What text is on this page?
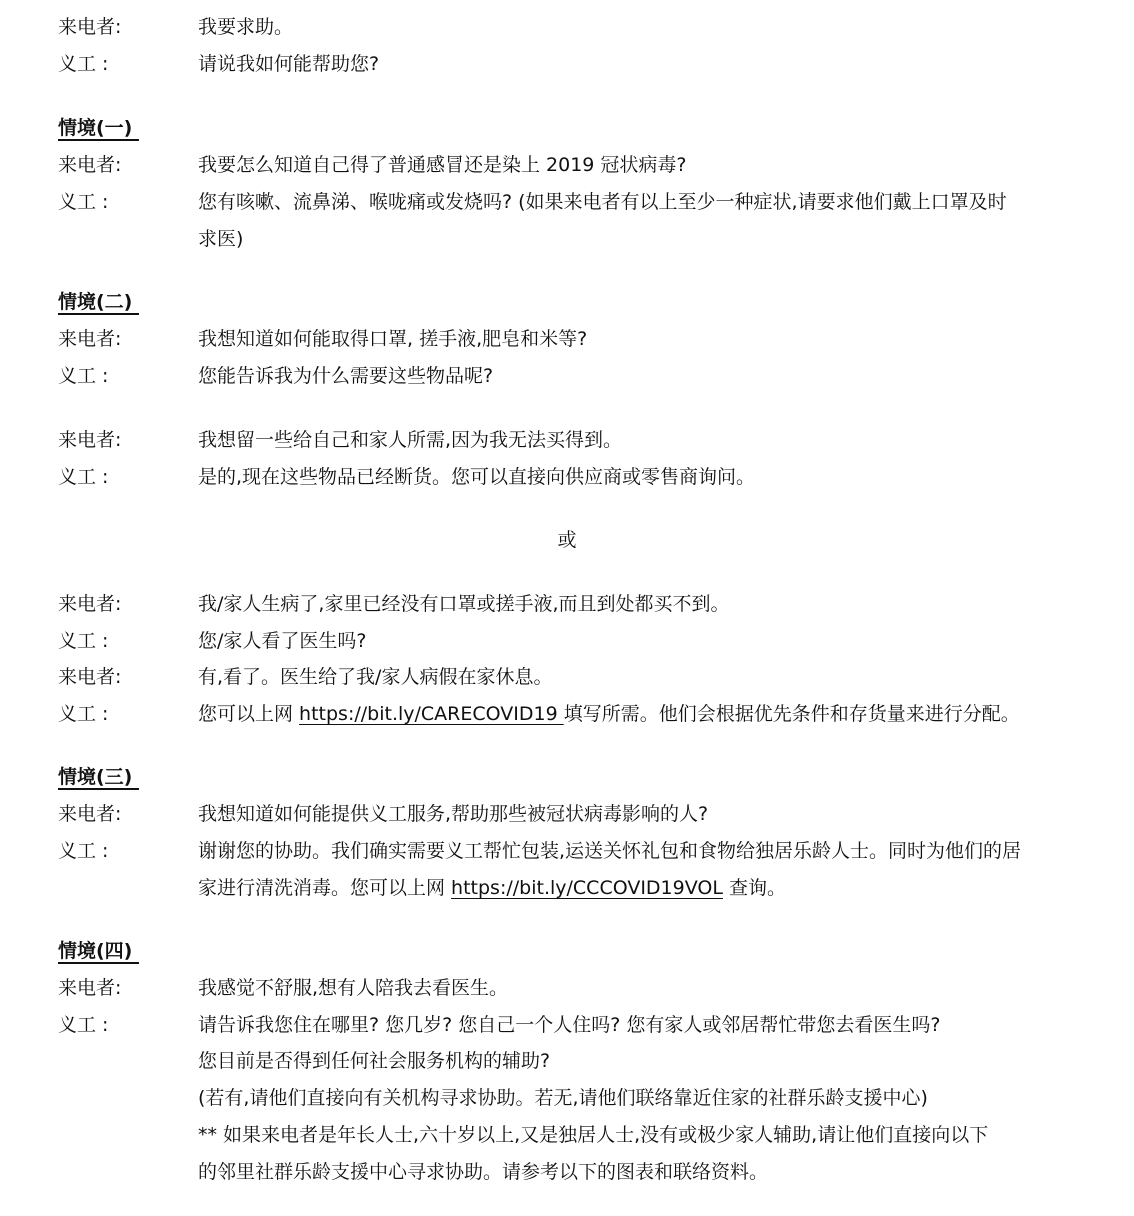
来电者:	我要求助。
义工 :	请说我如何能帮助您?
情境(一)
来电者:	我要怎么知道自己得了普通感冒还是染上 2019 冠状病毒?
义工 :	您有咳嗽、流鼻涕、喉咙痛或发烧吗? (如果来电者有以上至少一种症状,请要求他们戴上口罩及时
求医)
情境(二)
来电者:	我想知道如何能取得口罩, 搓手液,肥皂和米等?
义工 :	您能告诉我为什么需要这些物品呢?
来电者:	我想留一些给自己和家人所需,因为我无法买得到。
义工 :	是的,现在这些物品已经断货。您可以直接向供应商或零售商询问。
或
来电者:	我/家人生病了,家里已经没有口罩或搓手液,而且到处都买不到。
义工 :	您/家人看了医生吗?
来电者:	有,看了。医生给了我/家人病假在家休息。
义工 :	您可以上网 https://bit.ly/CARECOVID19 填写所需。他们会根据优先条件和存货量来进行分配。
情境(三)
来电者:	我想知道如何能提供义工服务,帮助那些被冠状病毒影响的人?
义工 :	谢谢您的协助。我们确实需要义工帮忙包装,运送关怀礼包和食物给独居乐龄人士。同时为他们的居
家进行清洗消毒。您可以上网 https://bit.ly/CCCOVID19VOL 查询。
情境(四)
来电者:	我感觉不舒服,想有人陪我去看医生。
义工 :	请告诉我您住在哪里? 您几岁? 您自己一个人住吗? 您有家人或邻居帮忙带您去看医生吗?
您目前是否得到任何社会服务机构的辅助?
(若有,请他们直接向有关机构寻求协助。若无,请他们联络靠近住家的社群乐龄支援中心)
** 如果来电者是年长人士,六十岁以上,又是独居人士,没有或极少家人辅助,请让他们直接向以下
的邻里社群乐龄支援中心寻求协助。请参考以下的图表和联络资料。
